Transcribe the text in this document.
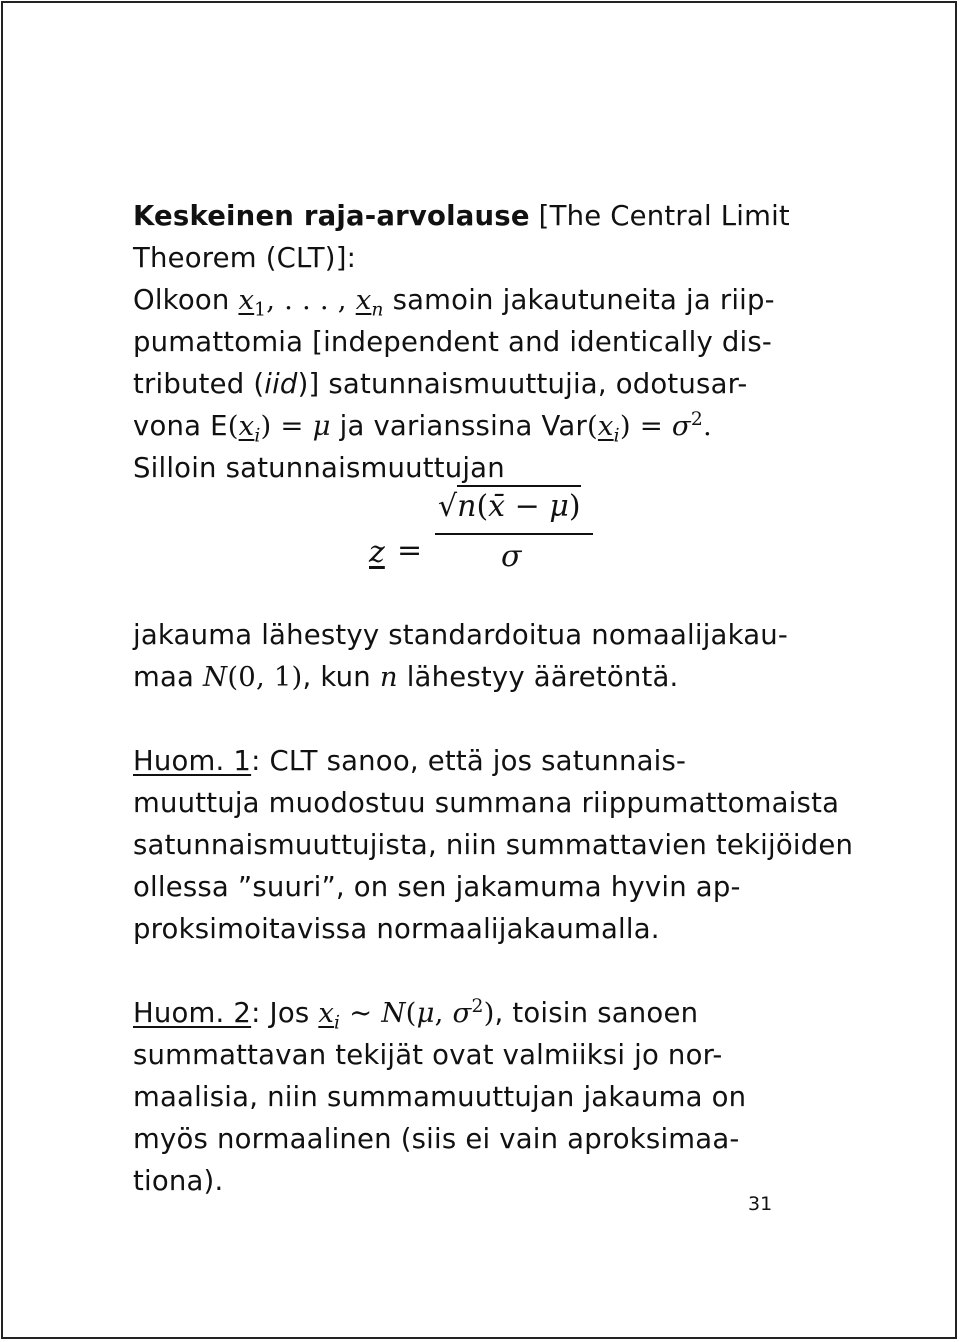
Keskeinen raja-arvolause [The Central Limit
Theorem (CLT)]:
Olkoon $x_1$, . . . , $x_n$ samoin jakautuneita ja riip-
pumattomia [independent and identically dis-
tributed (iid)] satunnaismuuttujia, odotusar-
vona $E(x_i) = \mu$ ja varianssina $Var(x_i) = \sigma^2$.
Silloin satunnaismuuttujan
z =
√n(x̄ − μ)
σ
jakauma lähestyy standardoitua nomaalijakau-
maa N(0, 1), kun n lähestyy ääretöntä.
Huom. 1: CLT sanoo, että jos satunnais-
muuttuja muodostuu summana riippumattomaista
satunnaismuuttujista, niin summattavien tekijöiden
ollessa ”suuri”, on sen jakamuma hyvin ap-
proksimoitavissa normaalijakaumalla.
Huom. 2: Jos $x_i$ ∼ N(μ, $\sigma^2$), toisin sanoen
summattavan tekijät ovat valmiiksi jo nor-
maalisia, niin summamuuttujan jakauma on
myös normaalinen (siis ei vain aproksimaa-
tiona).
31
